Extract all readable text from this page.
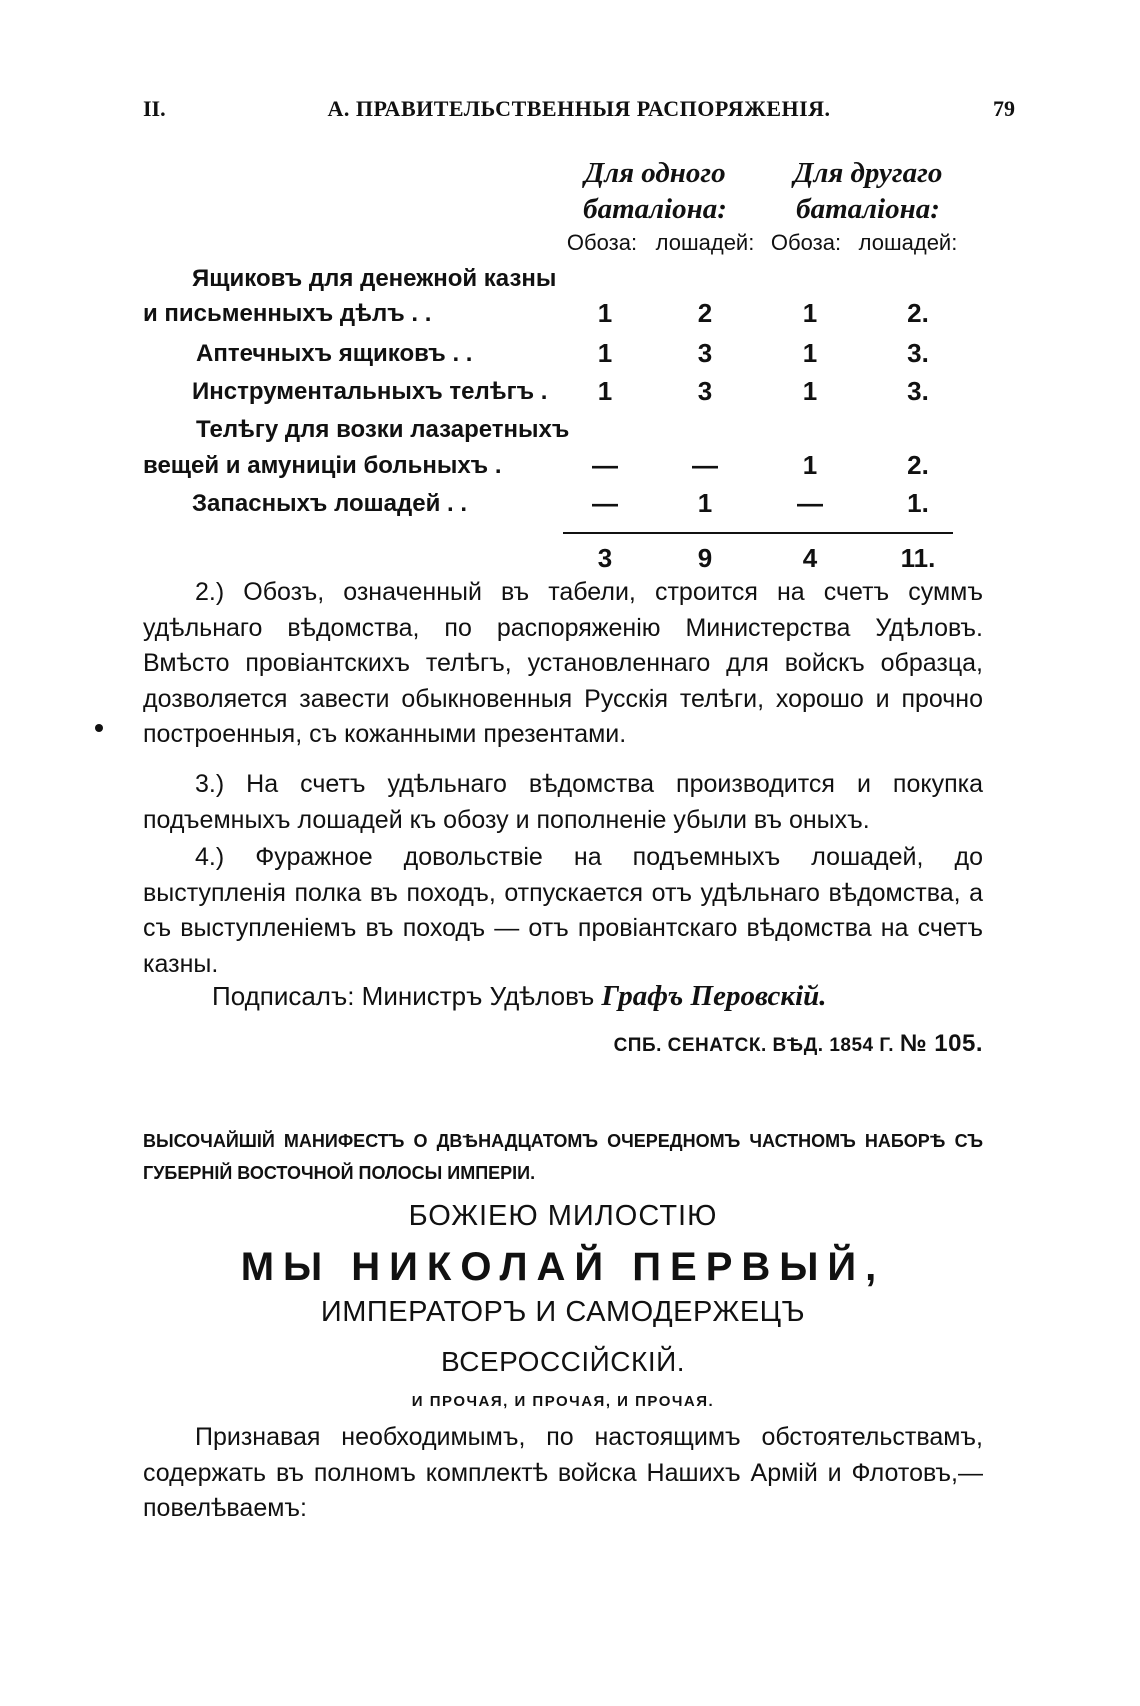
II.	А. ПРАВИТЕЛЬСТВЕННЫЯ РАСПОРЯЖЕНІЯ.	79
Для одного
баталіона:
Для другаго
баталіона:
Обоза: лошадей: Обоза: лошадей:
Ящиковъ для денежной казны
и письменныхъ дѣлъ . .	1	2	1	2.
Аптечныхъ ящиковъ . .	1	3	1	3.
Инструментальныхъ телѣгъ .	1	3	1	3.
Телѣгу для возки лазаретныхъ
вещей и амуниціи больныхъ .	—	—	1	2.
Запасныхъ лошадей . .	—	1	—	1.
3	9	4	11.

2.) Обозъ, означенный въ табели, строится на счетъ суммъ удѣльнаго вѣдомства, по распоряженію Министерства Удѣловъ. Вмѣсто провіантскихъ телѣгъ, установленнаго для войскъ образца, дозволяется завести обыкновенныя Русскія телѣги, хорошо и прочно построенныя, съ кожанными презентами.

3.) На счетъ удѣльнаго вѣдомства производится и покупка подъемныхъ лошадей къ обозу и пополненіе убыли въ оныхъ.

4.) Фуражное довольствіе на подъемныхъ лошадей, до выступленія полка въ походъ, отпускается отъ удѣльнаго вѣдомства, а съ выступленіемъ въ походъ — отъ провіантскаго вѣдомства на счетъ казны.

Подписалъ: Министръ Удѣловъ Графъ Перовскій.
СПБ. СЕНАТСК. ВѢД. 1854 Г. № 105.
ВЫСОЧАЙШІЙ МАНИФЕСТЪ О ДВѢНАДЦАТОМЪ ОЧЕРЕДНОМЪ ЧАСТНОМЪ НАБОРѢ СЪ ГУБЕРНІЙ ВОСТОЧНОЙ ПОЛОСЫ ИМПЕРІИ.
БОЖІЕЮ МИЛОСТІЮ
МЫ НИКОЛАЙ ПЕРВЫЙ,
ИМПЕРАТОРЪ И САМОДЕРЖЕЦЪ
ВСЕРОССІЙСКІЙ.
И ПРОЧАЯ, И ПРОЧАЯ, И ПРОЧАЯ.

Признавая необходимымъ, по настоящимъ обстоятельствамъ, содержать въ полномъ комплектѣ войска Нашихъ Армій и Флотовъ,—повелѣваемъ:
